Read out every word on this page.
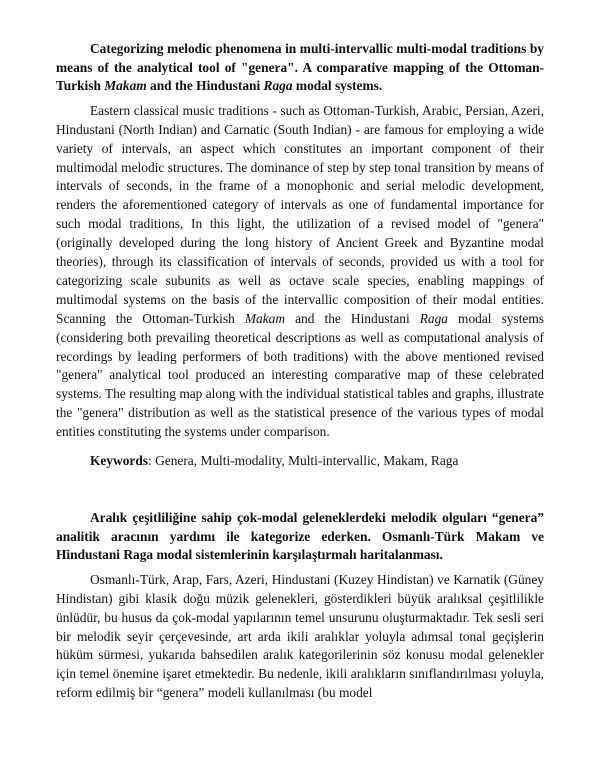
Categorizing melodic phenomena in multi-intervallic multi-modal traditions by means of the analytical tool of "genera". A comparative mapping of the Ottoman-Turkish Makam and the Hindustani Raga modal systems.

Eastern classical music traditions - such as Ottoman-Turkish, Arabic, Persian, Azeri, Hindustani (North Indian) and Carnatic (South Indian) - are famous for employing a wide variety of intervals, an aspect which constitutes an important component of their multimodal melodic structures. The dominance of step by step tonal transition by means of intervals of seconds, in the frame of a monophonic and serial melodic development, renders the aforementioned category of intervals as one of fundamental importance for such modal traditions, In this light, the utilization of a revised model of "genera" (originally developed during the long history of Ancient Greek and Byzantine modal theories), through its classification of intervals of seconds, provided us with a tool for categorizing scale subunits as well as octave scale species, enabling mappings of multimodal systems on the basis of the intervallic composition of their modal entities. Scanning the Ottoman-Turkish Makam and the Hindustani Raga modal systems (considering both prevailing theoretical descriptions as well as computational analysis of recordings by leading performers of both traditions) with the above mentioned revised "genera" analytical tool produced an interesting comparative map of these celebrated systems. The resulting map along with the individual statistical tables and graphs, illustrate the "genera" distribution as well as the statistical presence of the various types of modal entities constituting the systems under comparison.

Keywords: Genera, Multi-modality, Multi-intervallic, Makam, Raga

Aralık çeşitliliğine sahip çok-modal geleneklerdeki melodik olguları “genera” analitik aracının yardımı ile kategorize ederken. Osmanlı-Türk Makam ve Hindustani Raga modal sistemlerinin karşılaştırmalı haritalanması.

Osmanlı-Türk, Arap, Fars, Azeri, Hindustani (Kuzey Hindistan) ve Karnatik (Güney Hindistan) gibi klasik doğu müzik gelenekleri, gösterdikleri büyük aralıksal çeşitlilikle ünlüdür, bu husus da çok-modal yapılarının temel unsurunu oluşturmaktadır. Tek sesli seri bir melodik seyir çerçevesinde, art arda ikili aralıklar yoluyla adımsal tonal geçişlerin hüküm sürmesi, yukarıda bahsedilen aralık kategorilerinin söz konusu modal gelenekler için temel önemine işaret etmektedir. Bu nedenle, ikili aralıkların sınıflandırılması yoluyla, reform edilmiş bir “genera” modeli kullanılması (bu model
